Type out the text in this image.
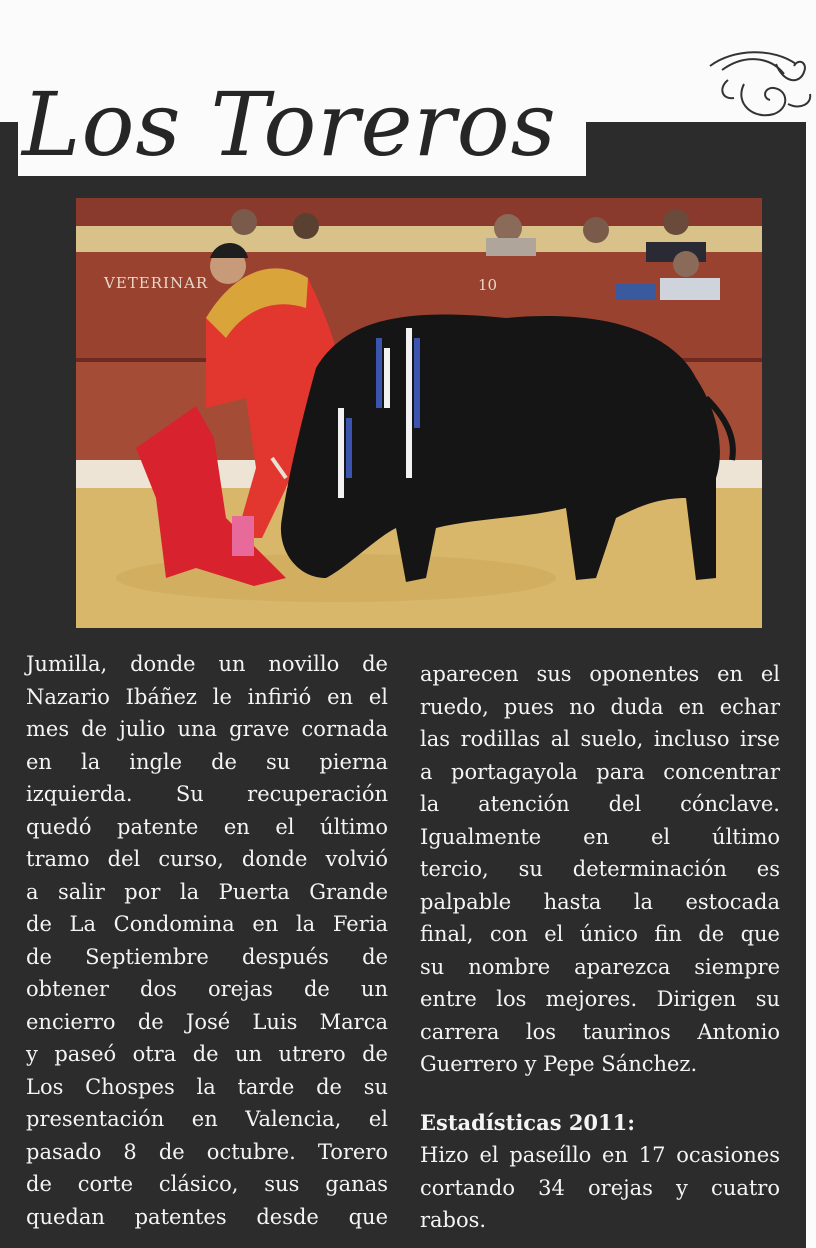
Los Toreros
VETERINAR	10
Jumilla, donde un novillo de
Nazario Ibáñez le infirió en el
mes de julio una grave cornada
en la ingle de su pierna
izquierda. Su recuperación
quedó patente en el último
tramo del curso, donde volvió
a salir por la Puerta Grande
de La Condomina en la Feria
de Septiembre después de
obtener dos orejas de un
encierro de José Luis Marca
y paseó otra de un utrero de
Los Chospes la tarde de su
presentación en Valencia, el
pasado 8 de octubre. Torero
de corte clásico, sus ganas
quedan patentes desde que
aparecen sus oponentes en el
ruedo, pues no duda en echar
las rodillas al suelo, incluso irse
a portagayola para concentrar
la atención del cónclave.
Igualmente en el último
tercio, su determinación es
palpable hasta la estocada
final, con el único fin de que
su nombre aparezca siempre
entre los mejores. Dirigen su
carrera los taurinos Antonio
Guerrero y Pepe Sánchez.
Estadísticas 2011:
Hizo el paseíllo en 17 ocasiones
cortando 34 orejas y cuatro
rabos.
